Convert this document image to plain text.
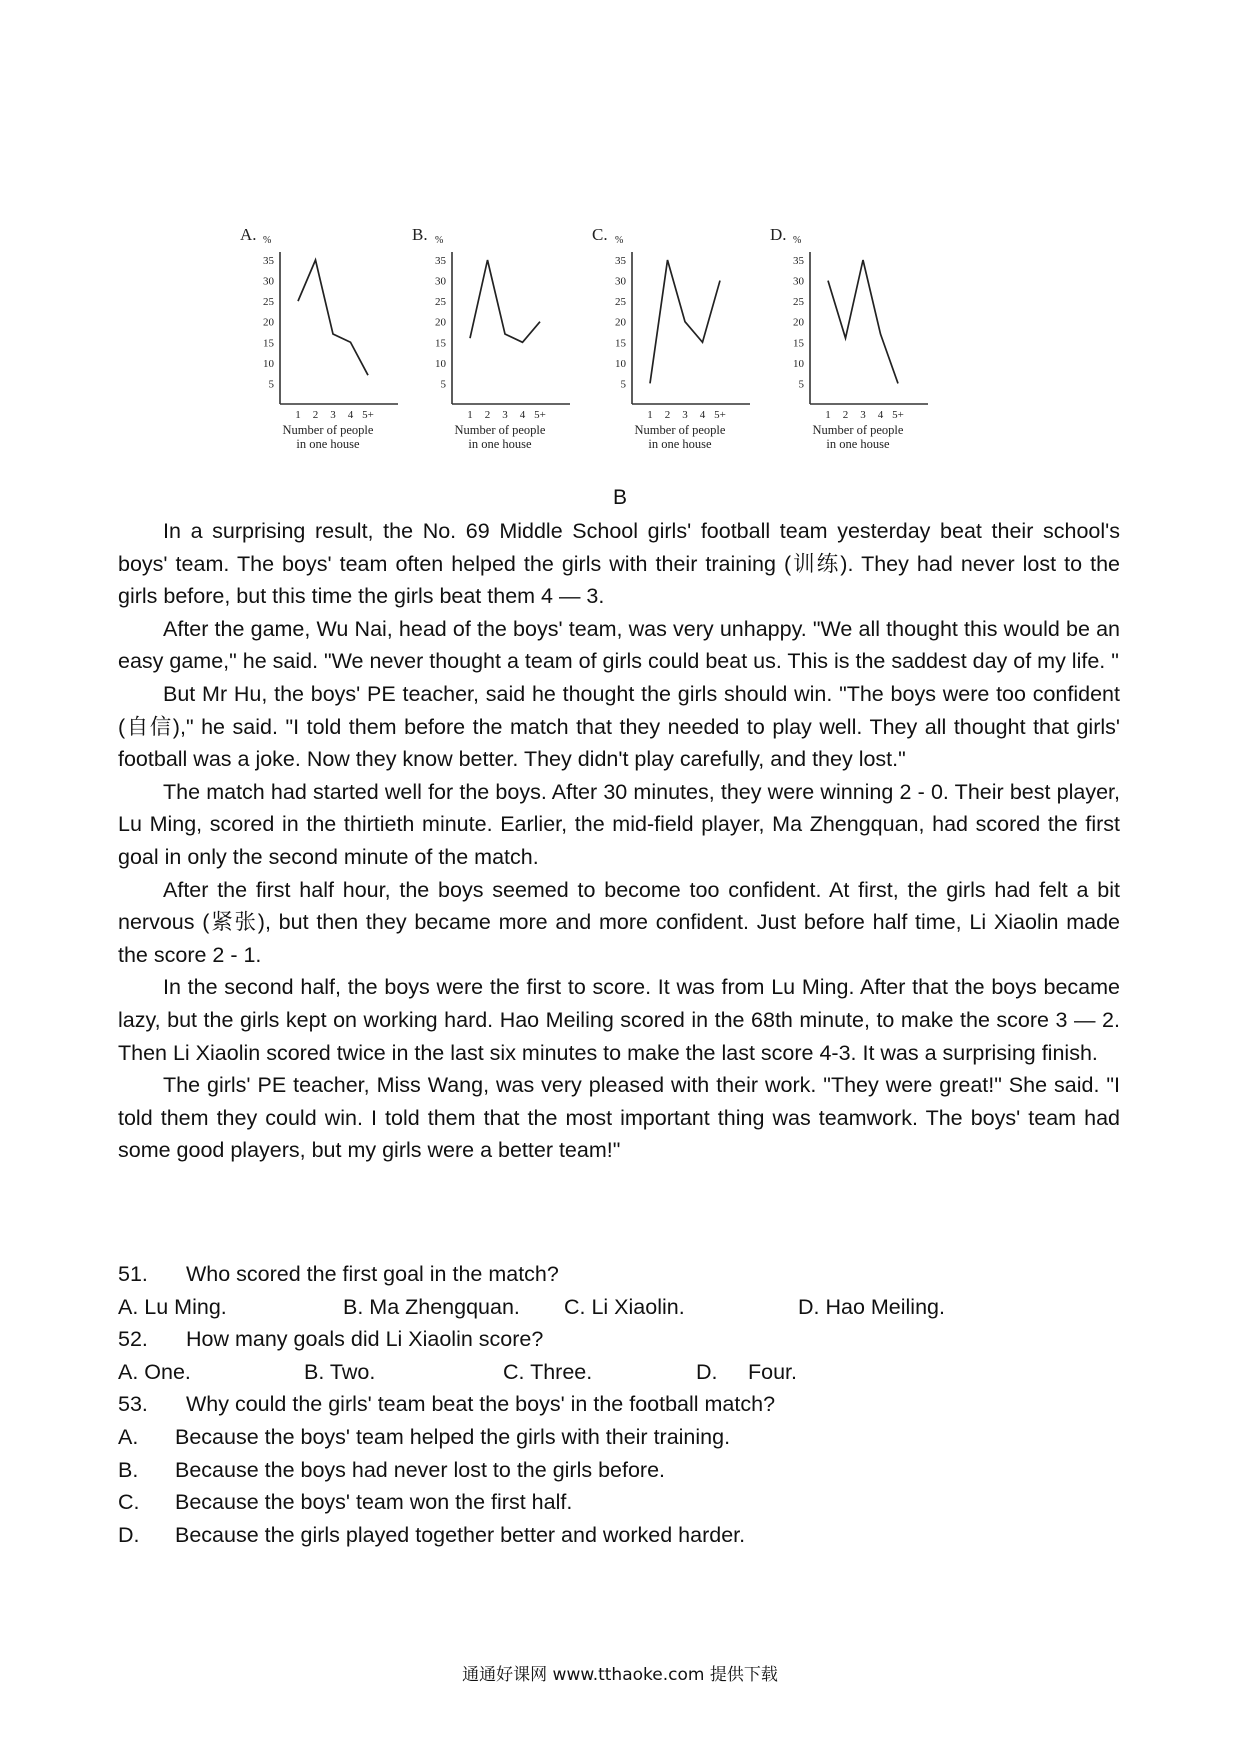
A. %
5
10
15
20
25
30
35
1 2 3 4 5+
Number of people
in one house
B. %
5
10
15
20
25
30
35
1 2 3 4 5+
Number of people
in one house
C. %
5
10
15
20
25
30
35
1 2 3 4 5+
Number of people
in one house
D. %
5
10
15
20
25
30
35
1 2 3 4 5+
Number of people
in one house
B

In a surprising result, the No. 69 Middle School girls' football team yesterday beat their school's boys' team. The boys' team often helped the girls with their training (训练). They had never lost to the girls before, but this time the girls beat them 4 — 3.

After the game, Wu Nai, head of the boys' team, was very unhappy. "We all thought this would be an easy game," he said. "We never thought a team of girls could beat us. This is the saddest day of my life. "

But Mr Hu, the boys' PE teacher, said he thought the girls should win. "The boys were too confident (自信)," he said. "I told them before the match that they needed to play well. They all thought that girls' football was a joke. Now they know better. They didn't play carefully, and they lost."

The match had started well for the boys. After 30 minutes, they were winning 2 - 0. Their best player, Lu Ming, scored in the thirtieth minute. Earlier, the mid-field player, Ma Zhengquan, had scored the first goal in only the second minute of the match.

After the first half hour, the boys seemed to become too confident. At first, the girls had felt a bit nervous (紧张), but then they became more and more confident. Just before half time, Li Xiaolin made the score 2 - 1.

In the second half, the boys were the first to score. It was from Lu Ming. After that the boys became lazy, but the girls kept on working hard. Hao Meiling scored in the 68th minute, to make the score 3 — 2. Then Li Xiaolin scored twice in the last six minutes to make the last score 4-3. It was a surprising finish.

The girls' PE teacher, Miss Wang, was very pleased with their work. "They were great!" She said. "I told them they could win. I told them that the most important thing was teamwork. The boys' team had some good players, but my girls were a better team!"

51. Who scored the first goal in the match?
A. Lu Ming.	B. Ma Zhengquan. C. Li Xiaolin.	D. Hao Meiling.
52. How many goals did Li Xiaolin score?
A. One.	B. Two.	C. Three.	D. Four.
53. Why could the girls' team beat the boys' in the football match?
A. Because the boys' team helped the girls with their training.
B. Because the boys had never lost to the girls before.
C. Because the boys' team won the first half.
D. Because the girls played together better and worked harder.
通通好课网 www.tthaoke.com 提供下载
